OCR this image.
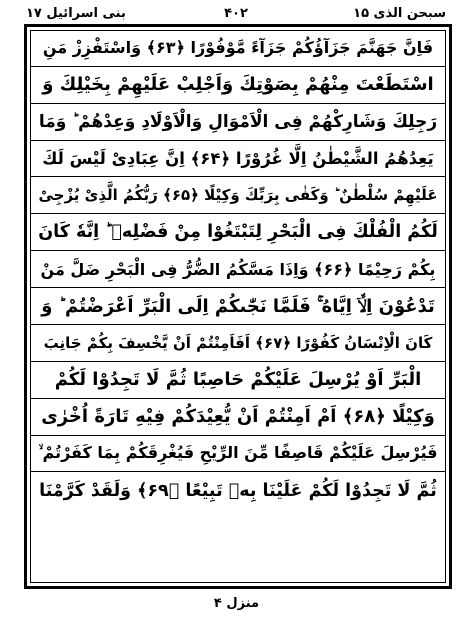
بنی اسرائیل ۱۷	۴۰۲	سبحن الذی ۱۵
فَاِنَّ جَهَنَّمَ جَزَآؤُكُمْ جَزَآءً مَّوْفُوْرًا ﴿۶۳﴾ وَاسْتَفْزِزْ مَنِ
اسْتَطَعْتَ مِنْهُمْ بِصَوْتِكَ وَاَجْلِبْ عَلَيْهِمْ بِخَيْلِكَ وَ
رَجِلِكَ وَشَارِكْهُمْ فِى الْاَمْوَالِ وَالْاَوْلَادِ وَعِدْهُمْ ؕ وَمَا
يَعِدُهُمُ الشَّيْطٰنُ اِلَّا غُرُوْرًا ﴿۶۴﴾ اِنَّ عِبَادِىْ لَيْسَ لَكَ
عَلَيْهِمْ سُلْطٰنٌ ؕ وَكَفٰى بِرَبِّكَ وَكِيْلًا ﴿۶۵﴾ رَبُّكُمُ الَّذِىْ يُزْجِىْ
لَكُمُ الْفُلْكَ فِى الْبَحْرِ لِتَبْتَغُوْا مِنْ فَضْلِهٖ ؕ اِنَّهٗ كَانَ
بِكُمْ رَحِيْمًا ﴿۶۶﴾ وَاِذَا مَسَّكُمُ الضُّرُّ فِى الْبَحْرِ ضَلَّ مَنْ
تَدْعُوْنَ اِلَّاۤ اِيَّاهُ ۚ فَلَمَّا نَجّٰىكُمْ اِلَى الْبَرِّ اَعْرَضْتُمْ ؕ وَ
كَانَ الْاِنْسَانُ كَفُوْرًا ﴿۶۷﴾ اَفَاَمِنْتُمْ اَنْ يَّخْسِفَ بِكُمْ جَانِبَ
الْبَرِّ اَوْ يُرْسِلَ عَلَيْكُمْ حَاصِبًا ثُمَّ لَا تَجِدُوْا لَكُمْ
وَكِيْلًا ﴿۶۸﴾ اَمْ اَمِنْتُمْ اَنْ يُّعِيْدَكُمْ فِيْهِ تَارَةً اُخْرٰى
فَيُرْسِلَ عَلَيْكُمْ قَاصِفًا مِّنَ الرِّيْحِ فَيُغْرِقَكُمْ بِمَا كَفَرْتُمْ ۙ
ثُمَّ لَا تَجِدُوْا لَكُمْ عَلَيْنَا بِهٖ تَبِيْعًا ﴿۶۹﴾ وَلَقَدْ كَرَّمْنَا
منزل ۴
